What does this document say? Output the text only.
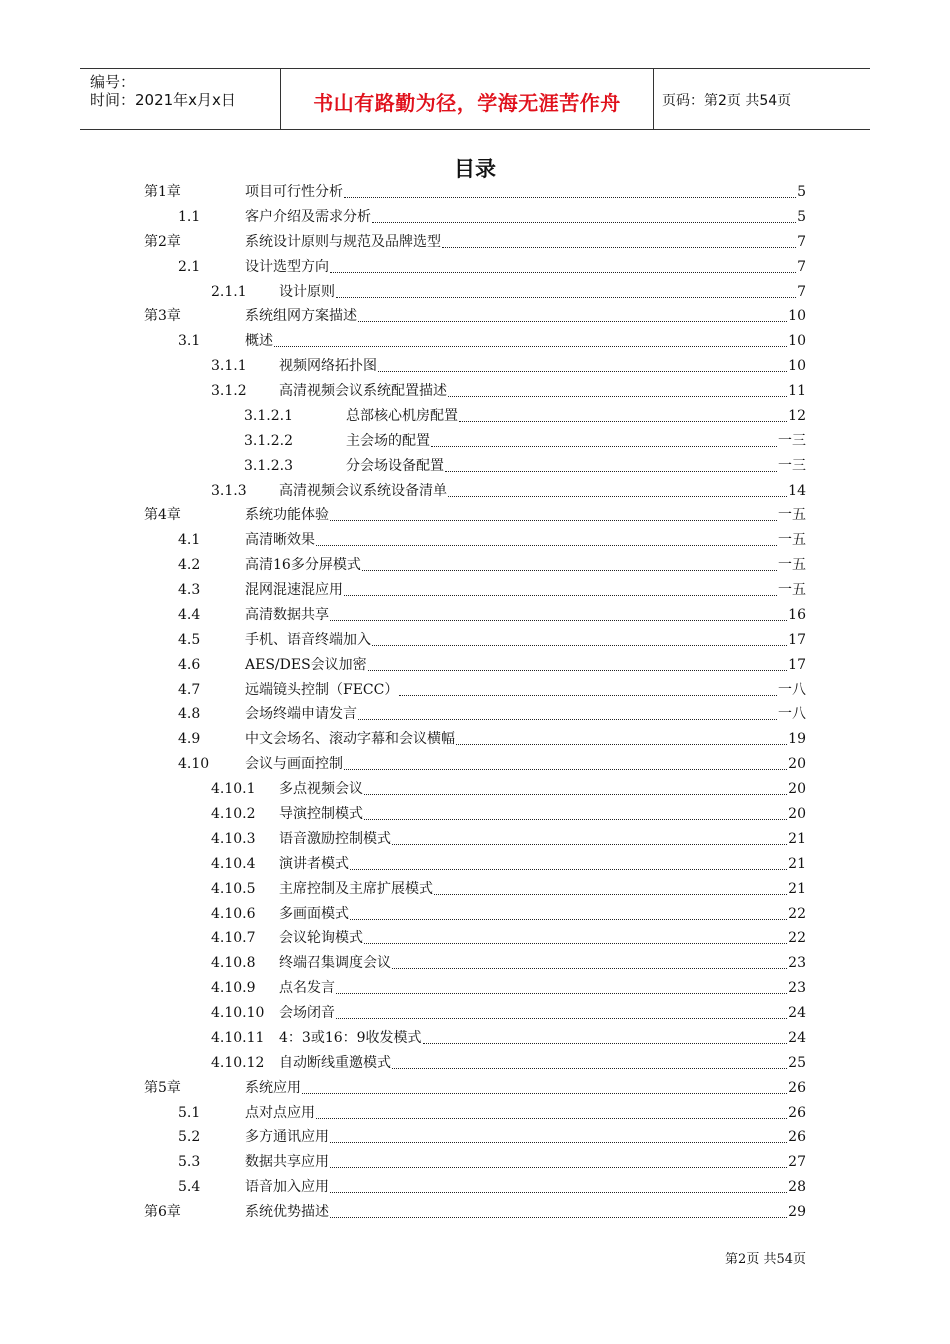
编号：
时间：2021年x月x日	书山有路勤为径，学海无涯苦作舟	页码：第2页 共54页
目录
第1章	项目可行性分析	5
1.1	客户介绍及需求分析	5
第2章	系统设计原则与规范及品牌选型	7
2.1	设计选型方向	7
2.1.1 设计原则	7
第3章	系统组网方案描述	10
3.1	概述	10
3.1.1 视频网络拓扑图	10
3.1.2 高清视频会议系统配置描述	11
3.1.2.1	总部核心机房配置	12
3.1.2.2	主会场的配置	一三
3.1.2.3	分会场设备配置	一三
3.1.3 高清视频会议系统设备清单	14
第4章	系统功能体验	一五
4.1	高清晰效果	一五
4.2	高清16多分屏模式	一五
4.3	混网混速混应用	一五
4.4	高清数据共享	16
4.5	手机、语音终端加入	17
4.6	AES/DES会议加密	17
4.7	远端镜头控制（FECC）	一八
4.8	会场终端申请发言	一八
4.9	中文会场名、滚动字幕和会议横幅	19
4.10	会议与画面控制	20
4.10.1 多点视频会议	20
4.10.2 导演控制模式	20
4.10.3 语音激励控制模式	21
4.10.4 演讲者模式	21
4.10.5 主席控制及主席扩展模式	21
4.10.6 多画面模式	22
4.10.7 会议轮询模式	22
4.10.8 终端召集调度会议	23
4.10.9 点名发言	23
4.10.10 会场闭音	24
4.10.11 4：3或16：9收发模式	24
4.10.12 自动断线重邀模式	25
第5章	系统应用	26
5.1	点对点应用	26
5.2	多方通讯应用	26
5.3	数据共享应用	27
5.4	语音加入应用	28
第6章	系统优势描述	29
第2页 共54页
